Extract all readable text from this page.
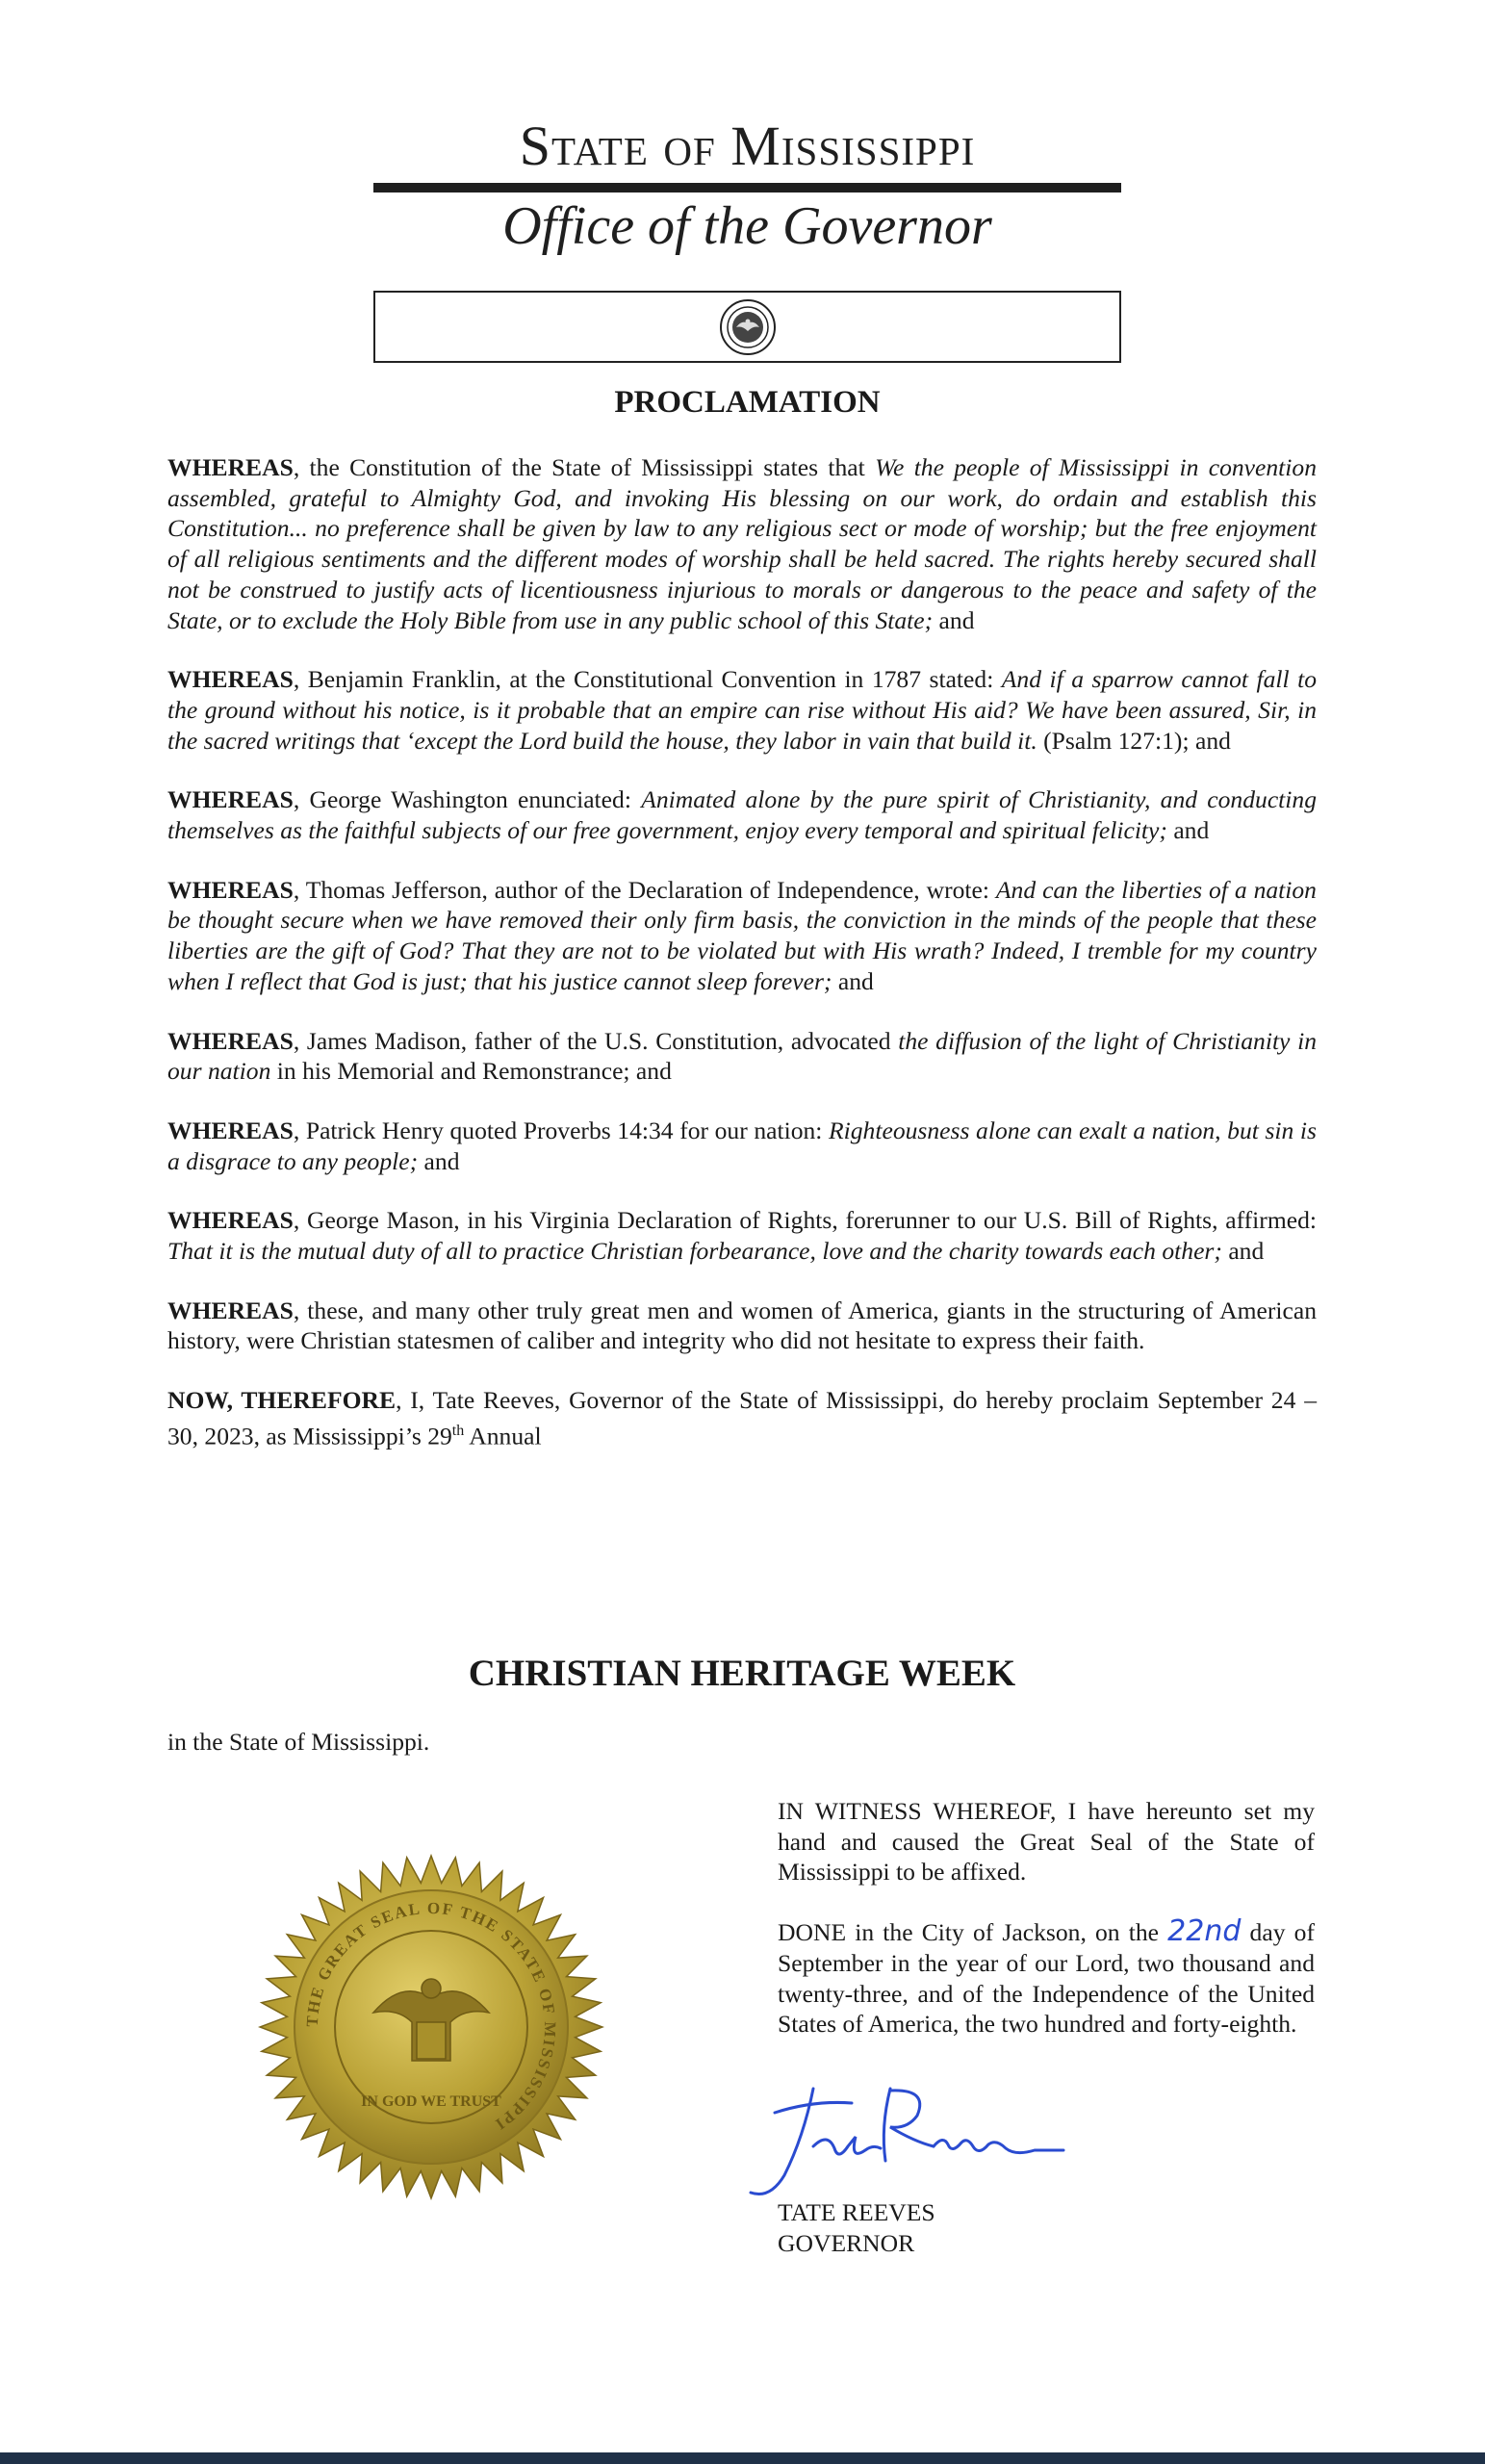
State of Mississippi
Office of the Governor
PROCLAMATION

WHEREAS, the Constitution of the State of Mississippi states that We the people of Mississippi in convention assembled, grateful to Almighty God, and invoking His blessing on our work, do ordain and establish this Constitution... no preference shall be given by law to any religious sect or mode of worship; but the free enjoyment of all religious sentiments and the different modes of worship shall be held sacred. The rights hereby secured shall not be construed to justify acts of licentiousness injurious to morals or dangerous to the peace and safety of the State, or to exclude the Holy Bible from use in any public school of this State; and

WHEREAS, Benjamin Franklin, at the Constitutional Convention in 1787 stated: And if a sparrow cannot fall to the ground without his notice, is it probable that an empire can rise without His aid? We have been assured, Sir, in the sacred writings that ‘except the Lord build the house, they labor in vain that build it. (Psalm 127:1); and

WHEREAS, George Washington enunciated: Animated alone by the pure spirit of Christianity, and conducting themselves as the faithful subjects of our free government, enjoy every temporal and spiritual felicity; and

WHEREAS, Thomas Jefferson, author of the Declaration of Independence, wrote: And can the liberties of a nation be thought secure when we have removed their only firm basis, the conviction in the minds of the people that these liberties are the gift of God? That they are not to be violated but with His wrath? Indeed, I tremble for my country when I reflect that God is just; that his justice cannot sleep forever; and

WHEREAS, James Madison, father of the U.S. Constitution, advocated the diffusion of the light of Christianity in our nation in his Memorial and Remonstrance; and

WHEREAS, Patrick Henry quoted Proverbs 14:34 for our nation: Righteousness alone can exalt a nation, but sin is a disgrace to any people; and

WHEREAS, George Mason, in his Virginia Declaration of Rights, forerunner to our U.S. Bill of Rights, affirmed: That it is the mutual duty of all to practice Christian forbearance, love and the charity towards each other; and

WHEREAS, these, and many other truly great men and women of America, giants in the structuring of American history, were Christian statesmen of caliber and integrity who did not hesitate to express their faith.

NOW, THEREFORE, I, Tate Reeves, Governor of the State of Mississippi, do hereby proclaim September 24 – 30, 2023, as Mississippi’s 29th Annual

CHRISTIAN HERITAGE WEEK
in the State of Mississippi.

IN WITNESS WHEREOF, I have hereunto set my hand and caused the Great Seal of the State of Mississippi to be affixed.

DONE in the City of Jackson, on the 22nd day of September in the year of our Lord, two thousand and twenty-three, and of the Independence of the United States of America, the two hundred and forty-eighth.

THE GREAT SEAL OF THE STATE OF MISSISSIPPI
IN GOD WE TRUST
TATE REEVES
GOVERNOR
